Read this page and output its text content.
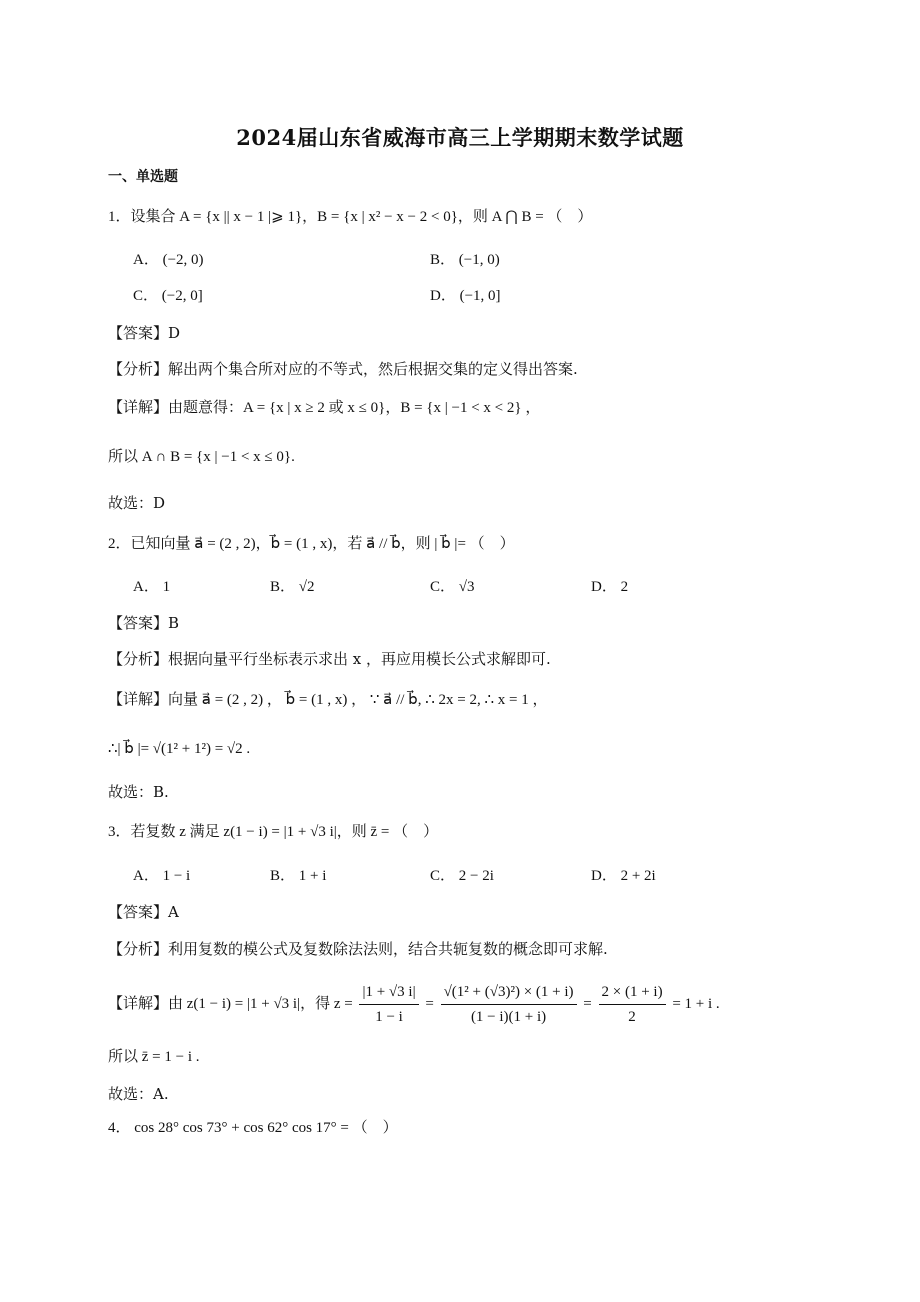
2024届山东省威海市高三上学期期末数学试题
一、单选题
1．设集合 A = {x || x − 1 |⩾ 1}，B = {x | x² − x − 2 < 0}，则 A ⋂ B = （　）
A． (−2, 0)	B． (−1, 0)
C． (−2, 0]	D． (−1, 0]
【答案】D
【分析】解出两个集合所对应的不等式，然后根据交集的定义得出答案.
【详解】由题意得：A = {x | x ≥ 2 或 x ≤ 0}，B = {x | −1 < x < 2} ，
所以 A ∩ B = {x | −1 < x ≤ 0}.
故选：D
2．已知向量 a⃗ = (2 , 2)，b⃗ = (1 , x)，若 a⃗ // b⃗，则 | b⃗ |= （　）
A． 1	B． √2	C． √3	D． 2
【答案】B
【分析】根据向量平行坐标表示求出 x ，再应用模长公式求解即可.
【详解】向量 a⃗ = (2 , 2) ， b⃗ = (1 , x) ， ∵ a⃗ // b⃗, ∴ 2x = 2, ∴ x = 1 ，
∴| b⃗ |= √(1² + 1²) = √2 .
故选：B.
3．若复数 z 满足 z(1 − i) = |1 + √3 i|，则 z̄ = （　）
A． 1 − i	B． 1 + i	C． 2 − 2i	D． 2 + 2i
【答案】A
【分析】利用复数的模公式及复数除法法则，结合共轭复数的概念即可求解.
【详解】由 z(1 − i) = |1 + √3 i|，得 $z = \frac{|1 + √3 i|}{1 - i} = \frac{\text{√(1² + (√3)²) × (1 + i)}}{(1 - i)(1 + i)} = \frac{2 \times (1 + i)}{2} = 1 + i$ .
所以 z̄ = 1 − i .
故选：A.
4． cos 28° cos 73° + cos 62° cos 17° = （　）
